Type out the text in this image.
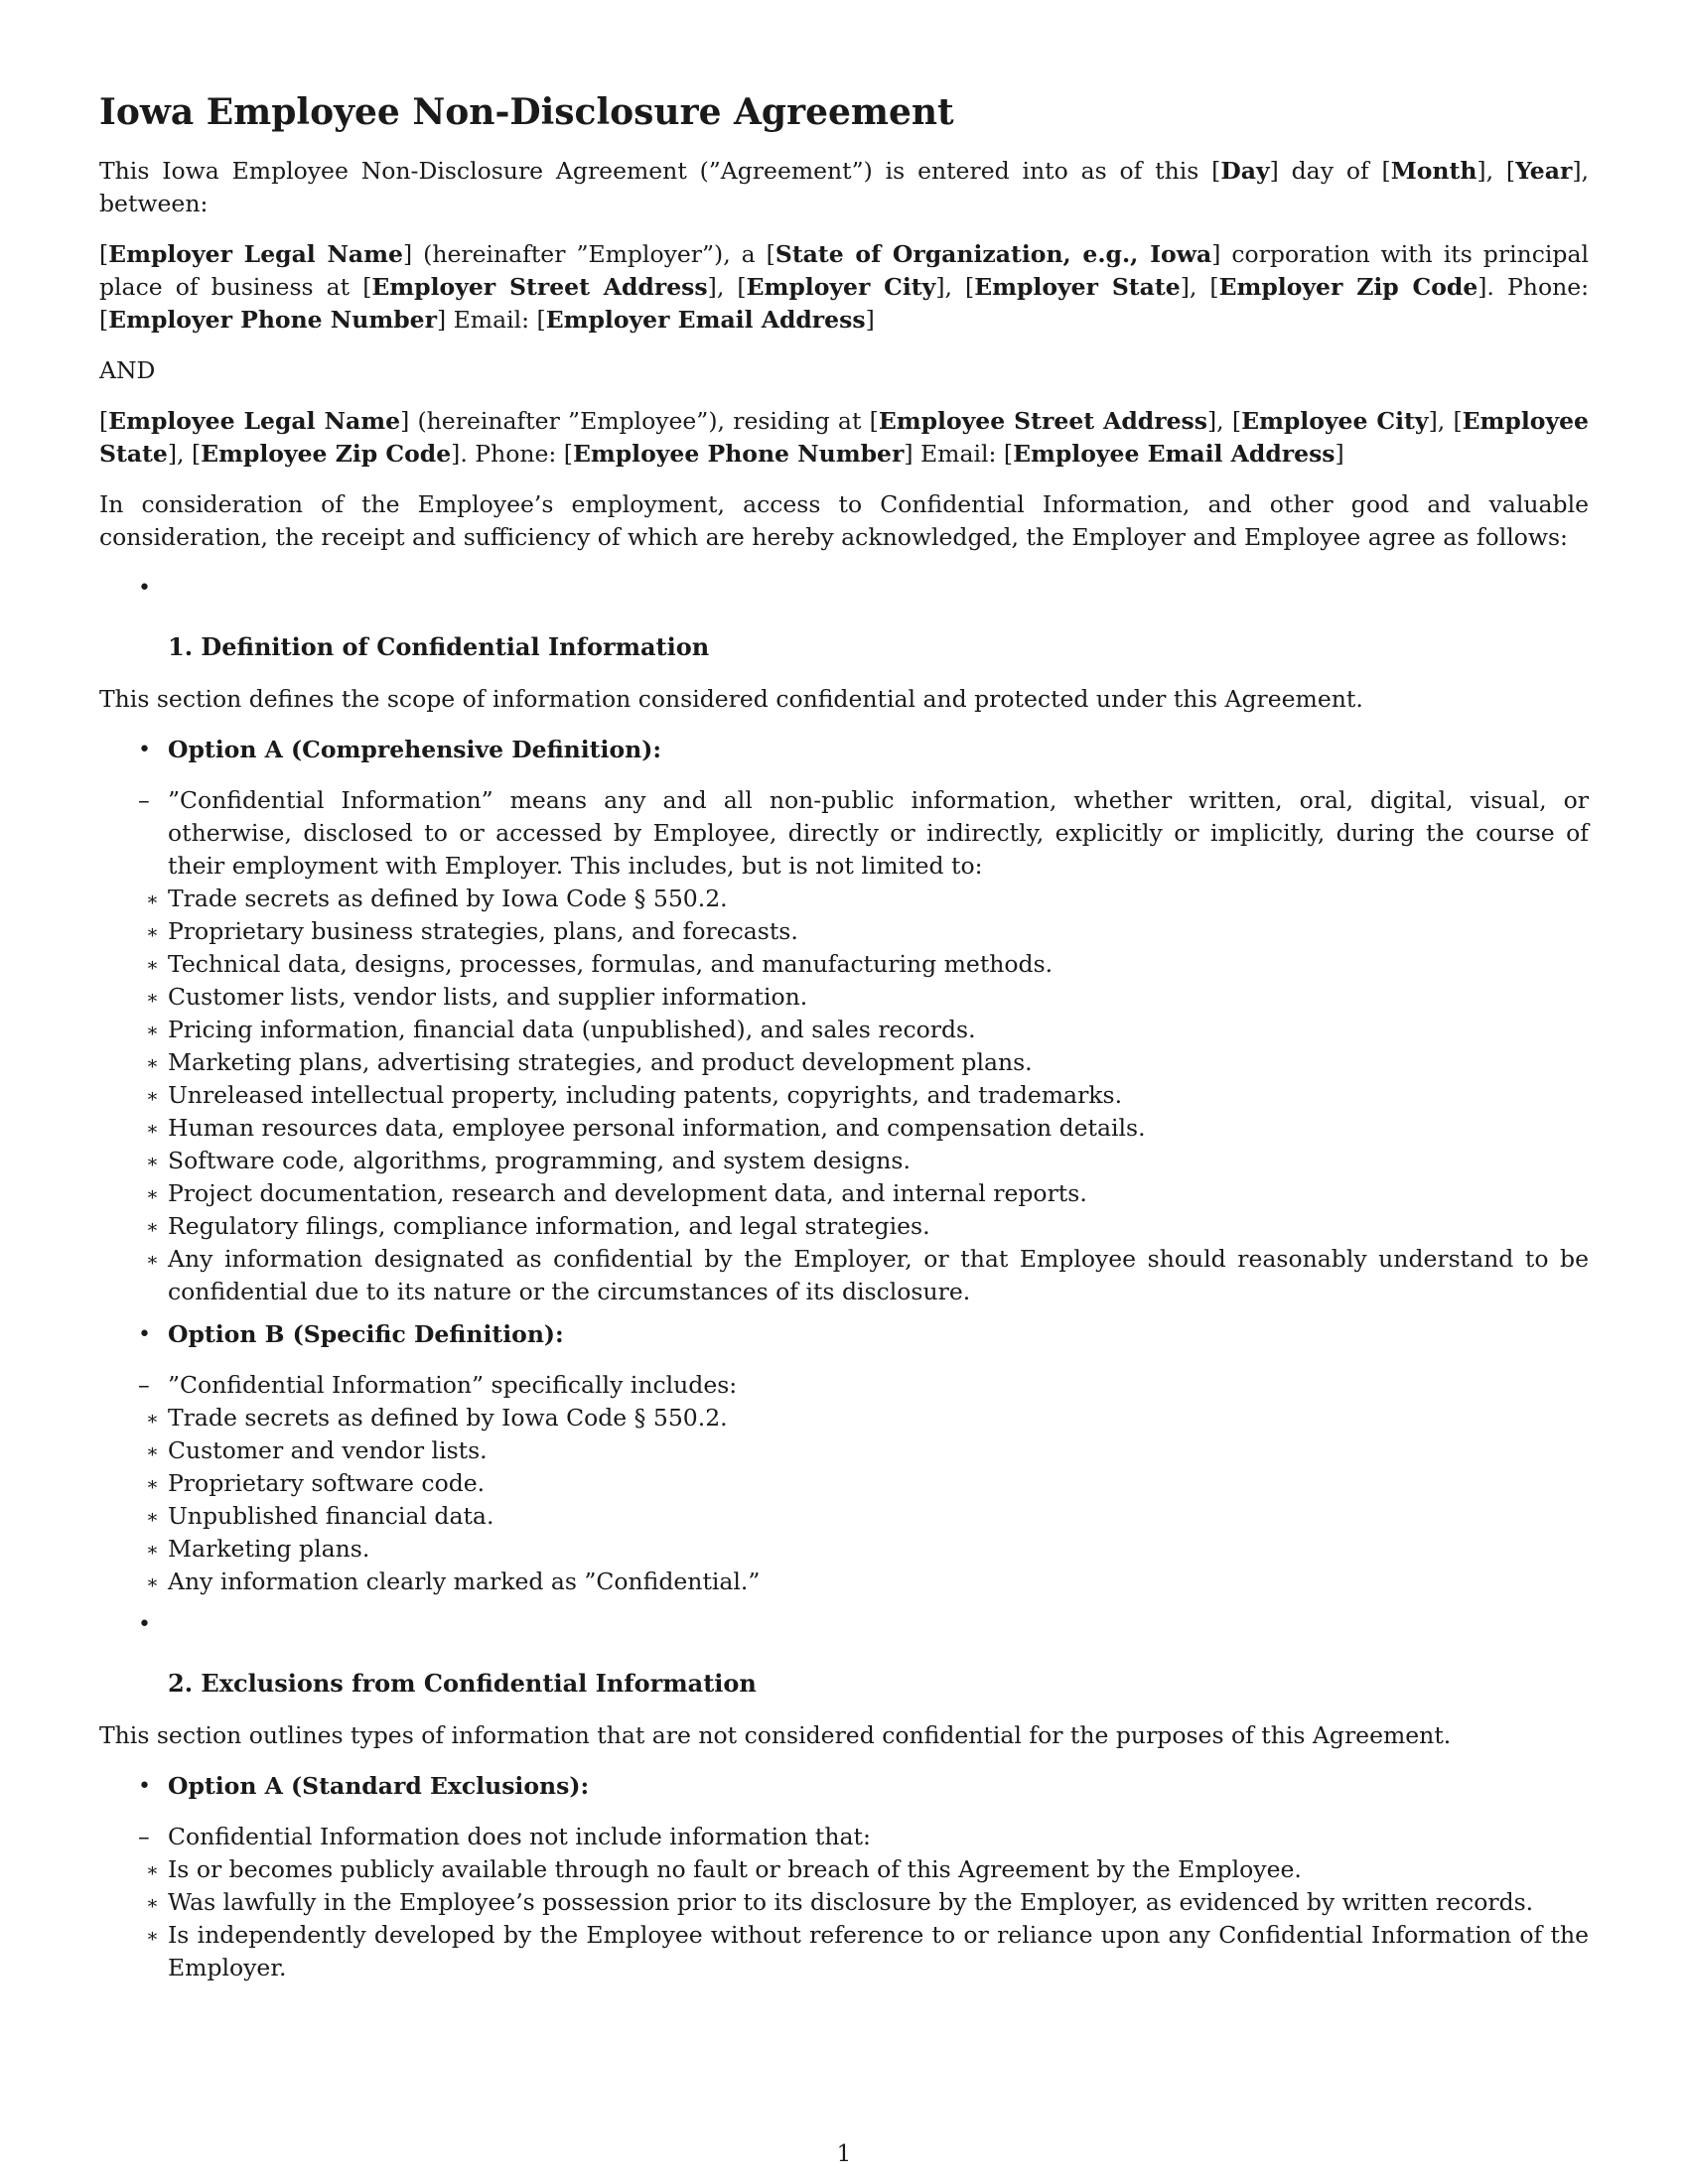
Iowa Employee Non-Disclosure Agreement

This Iowa Employee Non-Disclosure Agreement (”Agreement”) is entered into as of this [Day] day of [Month], [Year], between:

[Employer Legal Name] (hereinafter ”Employer”), a [State of Organization, e.g., Iowa] corporation with its principal place of business at [Employer Street Address], [Employer City], [Employer State], [Employer Zip Code]. Phone: [Employer Phone Number] Email: [Employer Email Address]

AND

[Employee Legal Name] (hereinafter ”Employee”), residing at [Employee Street Address], [Employee City], [Employee State], [Employee Zip Code]. Phone: [Employee Phone Number] Email: [Employee Email Address]

In consideration of the Employee’s employment, access to Confidential Information, and other good and valuable consideration, the receipt and sufficiency of which are hereby acknowledged, the Employer and Employee agree as follows:

•
1. Definition of Confidential Information

This section defines the scope of information considered confidential and protected under this Agreement.

• Option A (Comprehensive Definition):
– ”Confidential Information” means any and all non-public information, whether written, oral, digital, visual, or otherwise, disclosed to or accessed by Employee, directly or indirectly, explicitly or implicitly, during the course of their employment with Employer. This includes, but is not limited to:
∗ Trade secrets as defined by Iowa Code § 550.2.
∗ Proprietary business strategies, plans, and forecasts.
∗ Technical data, designs, processes, formulas, and manufacturing methods.
∗ Customer lists, vendor lists, and supplier information.
∗ Pricing information, financial data (unpublished), and sales records.
∗ Marketing plans, advertising strategies, and product development plans.
∗ Unreleased intellectual property, including patents, copyrights, and trademarks.
∗ Human resources data, employee personal information, and compensation details.
∗ Software code, algorithms, programming, and system designs.
∗ Project documentation, research and development data, and internal reports.
∗ Regulatory filings, compliance information, and legal strategies.
∗ Any information designated as confidential by the Employer, or that Employee should reasonably understand to be confidential due to its nature or the circumstances of its disclosure.
• Option B (Specific Definition):
– ”Confidential Information” specifically includes:
∗ Trade secrets as defined by Iowa Code § 550.2.
∗ Customer and vendor lists.
∗ Proprietary software code.
∗ Unpublished financial data.
∗ Marketing plans.
∗ Any information clearly marked as ”Confidential.”
•
2. Exclusions from Confidential Information

This section outlines types of information that are not considered confidential for the purposes of this Agreement.

• Option A (Standard Exclusions):
– Confidential Information does not include information that:
∗ Is or becomes publicly available through no fault or breach of this Agreement by the Employee.
∗ Was lawfully in the Employee’s possession prior to its disclosure by the Employer, as evidenced by written records.
∗ Is independently developed by the Employee without reference to or reliance upon any Confidential Information of the Employer.
1
